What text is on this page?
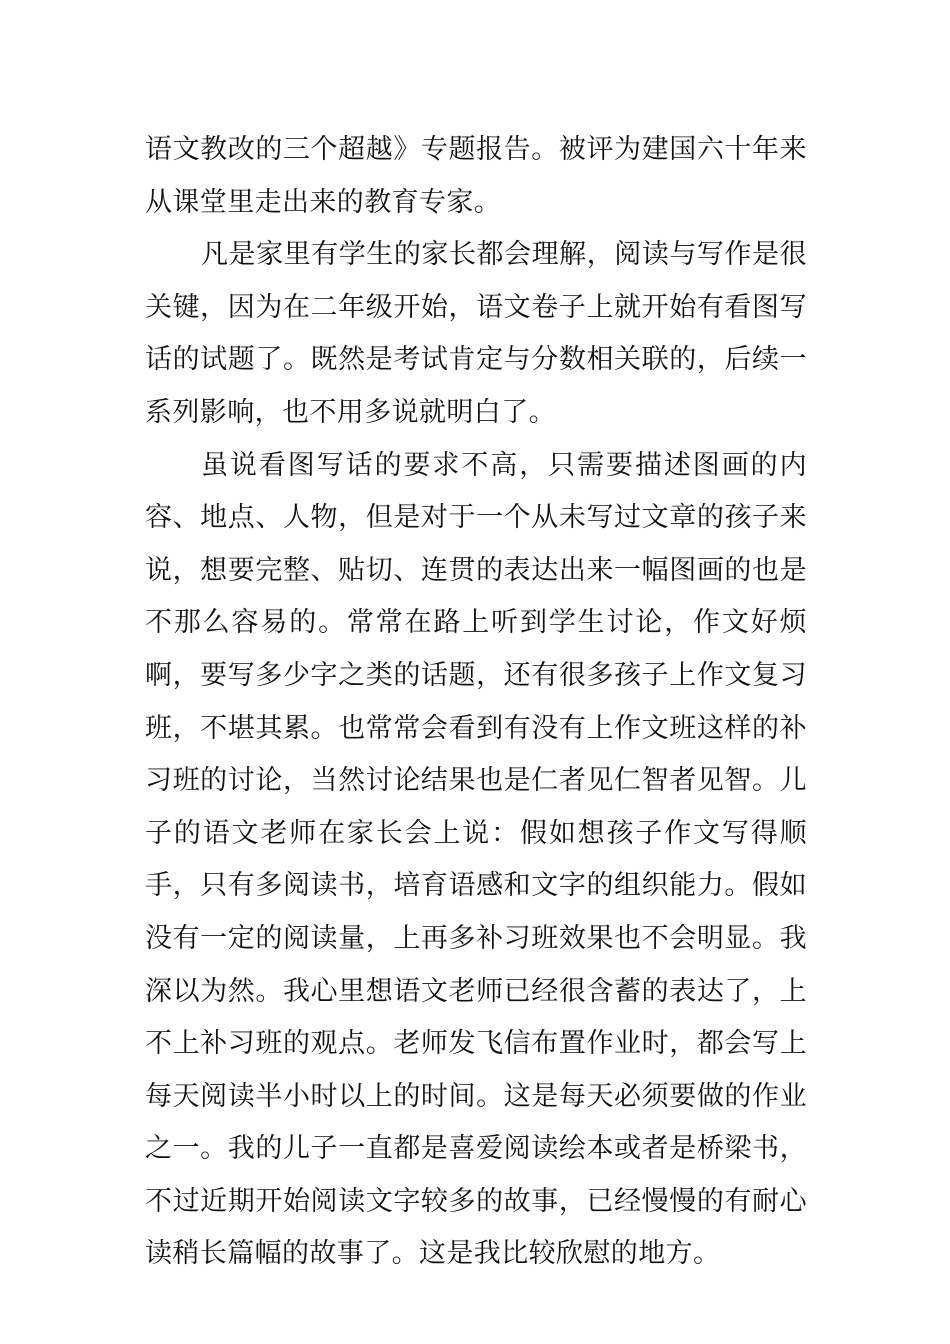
语文教改的三个超越》专题报告。被评为建国六十年来从课堂里走出来的教育专家。

凡是家里有学生的家长都会理解，阅读与写作是很关键，因为在二年级开始，语文卷子上就开始有看图写话的试题了。既然是考试肯定与分数相关联的，后续一系列影响，也不用多说就明白了。

虽说看图写话的要求不高，只需要描述图画的内容、地点、人物，但是对于一个从未写过文章的孩子来说，想要完整、贴切、连贯的表达出来一幅图画的也是不那么容易的。常常在路上听到学生讨论，作文好烦啊，要写多少字之类的话题，还有很多孩子上作文复习班，不堪其累。也常常会看到有没有上作文班这样的补习班的讨论，当然讨论结果也是仁者见仁智者见智。儿子的语文老师在家长会上说：假如想孩子作文写得顺手，只有多阅读书，培育语感和文字的组织能力。假如没有一定的阅读量，上再多补习班效果也不会明显。我深以为然。我心里想语文老师已经很含蓄的表达了，上不上补习班的观点。老师发飞信布置作业时，都会写上每天阅读半小时以上的时间。这是每天必须要做的作业之一。我的儿子一直都是喜爱阅读绘本或者是桥梁书，不过近期开始阅读文字较多的故事，已经慢慢的有耐心读稍长篇幅的故事了。这是我比较欣慰的地方。
